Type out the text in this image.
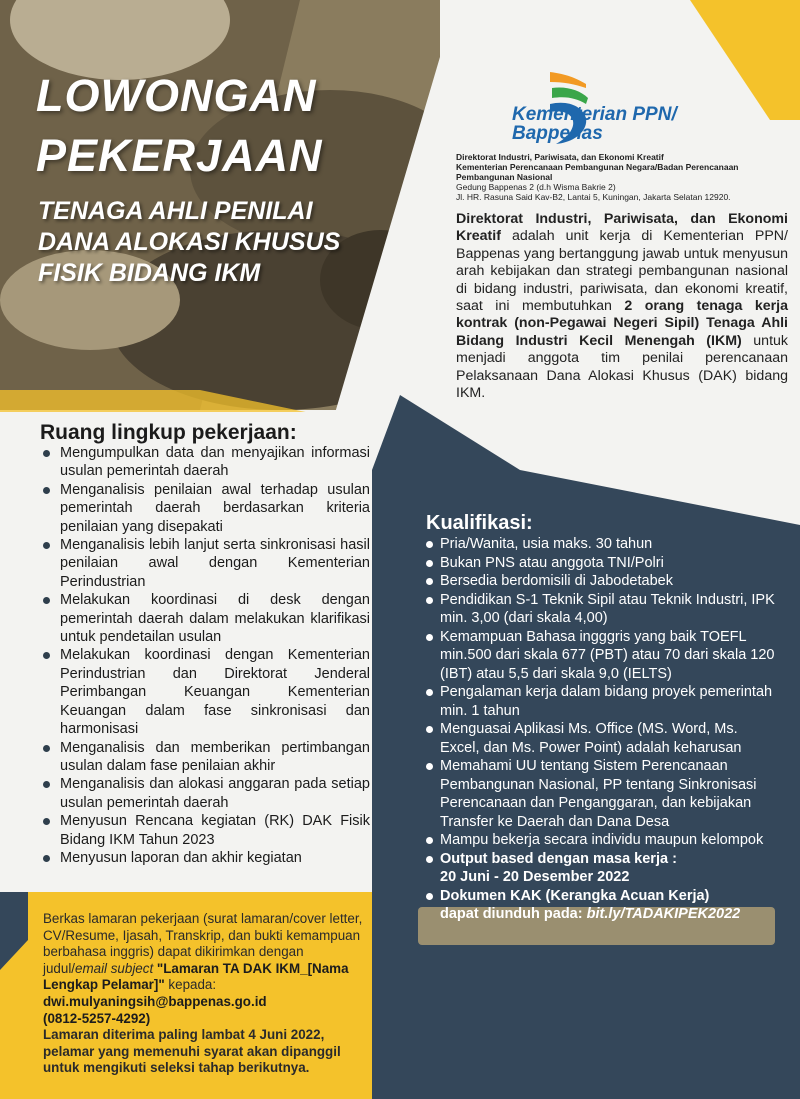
LOWONGAN
PEKERJAAN
TENAGA AHLI PENILAI
DANA ALOKASI KHUSUS
FISIK BIDANG IKM
Kementerian PPN/
Bappenas
Direktorat Industri, Pariwisata, dan Ekonomi Kreatif
Kementerian Perencanaan Pembangunan Negara/Badan Perencanaan Pembangunan Nasional
Gedung Bappenas 2 (d.h Wisma Bakrie 2)
Jl. HR. Rasuna Said Kav-B2, Lantai 5, Kuningan, Jakarta Selatan 12920.
Direktorat Industri, Pariwisata, dan Ekonomi Kreatif adalah unit kerja di Kementerian PPN/ Bappenas yang bertanggung jawab untuk menyusun arah kebijakan dan strategi pembangunan nasional di bidang industri, pariwisata, dan ekonomi kreatif, saat ini membutuhkan 2 orang tenaga kerja kontrak (non-Pegawai Negeri Sipil) Tenaga Ahli Bidang Industri Kecil Menengah (IKM) untuk menjadi anggota tim penilai perencanaan Pelaksanaan Dana Alokasi Khusus (DAK) bidang IKM.
Ruang lingkup pekerjaan:
Mengumpulkan data dan menyajikan informasi usulan pemerintah daerah
Menganalisis penilaian awal terhadap usulan pemerintah daerah berdasarkan kriteria penilaian yang disepakati
Menganalisis lebih lanjut serta sinkronisasi hasil penilaian awal dengan Kementerian Perindustrian
Melakukan koordinasi di desk dengan pemerintah daerah dalam melakukan klarifikasi untuk pendetailan usulan
Melakukan koordinasi dengan Kementerian Perindustrian dan Direktorat Jenderal Perimbangan Keuangan Kementerian Keuangan dalam fase sinkronisasi dan harmonisasi
Menganalisis dan memberikan pertimbangan usulan dalam fase penilaian akhir
Menganalisis dan alokasi anggaran pada setiap usulan pemerintah daerah
Menyusun Rencana kegiatan (RK) DAK Fisik Bidang IKM Tahun 2023
Menyusun laporan dan akhir kegiatan
Kualifikasi:
Pria/Wanita, usia maks. 30 tahun
Bukan PNS atau anggota TNI/Polri
Bersedia berdomisili di Jabodetabek
Pendidikan S-1 Teknik Sipil atau Teknik Industri, IPK min. 3,00 (dari skala 4,00)
Kemampuan Bahasa ingggris yang baik TOEFL min.500 dari skala 677 (PBT) atau 70 dari skala 120 (IBT) atau 5,5 dari skala 9,0 (IELTS)
Pengalaman kerja dalam bidang proyek pemerintah min. 1 tahun
Menguasai Aplikasi Ms. Office (MS. Word, Ms. Excel, dan Ms. Power Point) adalah keharusan
Memahami UU tentang Sistem Perencanaan Pembangunan Nasional, PP tentang Sinkronisasi Perencanaan dan Penganggaran, dan kebijakan Transfer ke Daerah dan Dana Desa
Mampu bekerja secara individu maupun kelompok
Output based dengan masa kerja :
20 Juni - 20 Desember 2022
Dokumen KAK (Kerangka Acuan Kerja)
dapat diunduh pada: bit.ly/TADAKIPEK2022

Berkas lamaran pekerjaan (surat lamaran/cover letter, CV/Resume, Ijasah, Transkrip, dan bukti kemampuan berbahasa inggris) dapat dikirimkan dengan judul/email subject "Lamaran TA DAK IKM_[Nama Lengkap Pelamar]" kepada:

dwi.mulyaningsih@bappenas.go.id

(0812-5257-4292)

Lamaran diterima paling lambat 4 Juni 2022, pelamar yang memenuhi syarat akan dipanggil untuk mengikuti seleksi tahap berikutnya.
